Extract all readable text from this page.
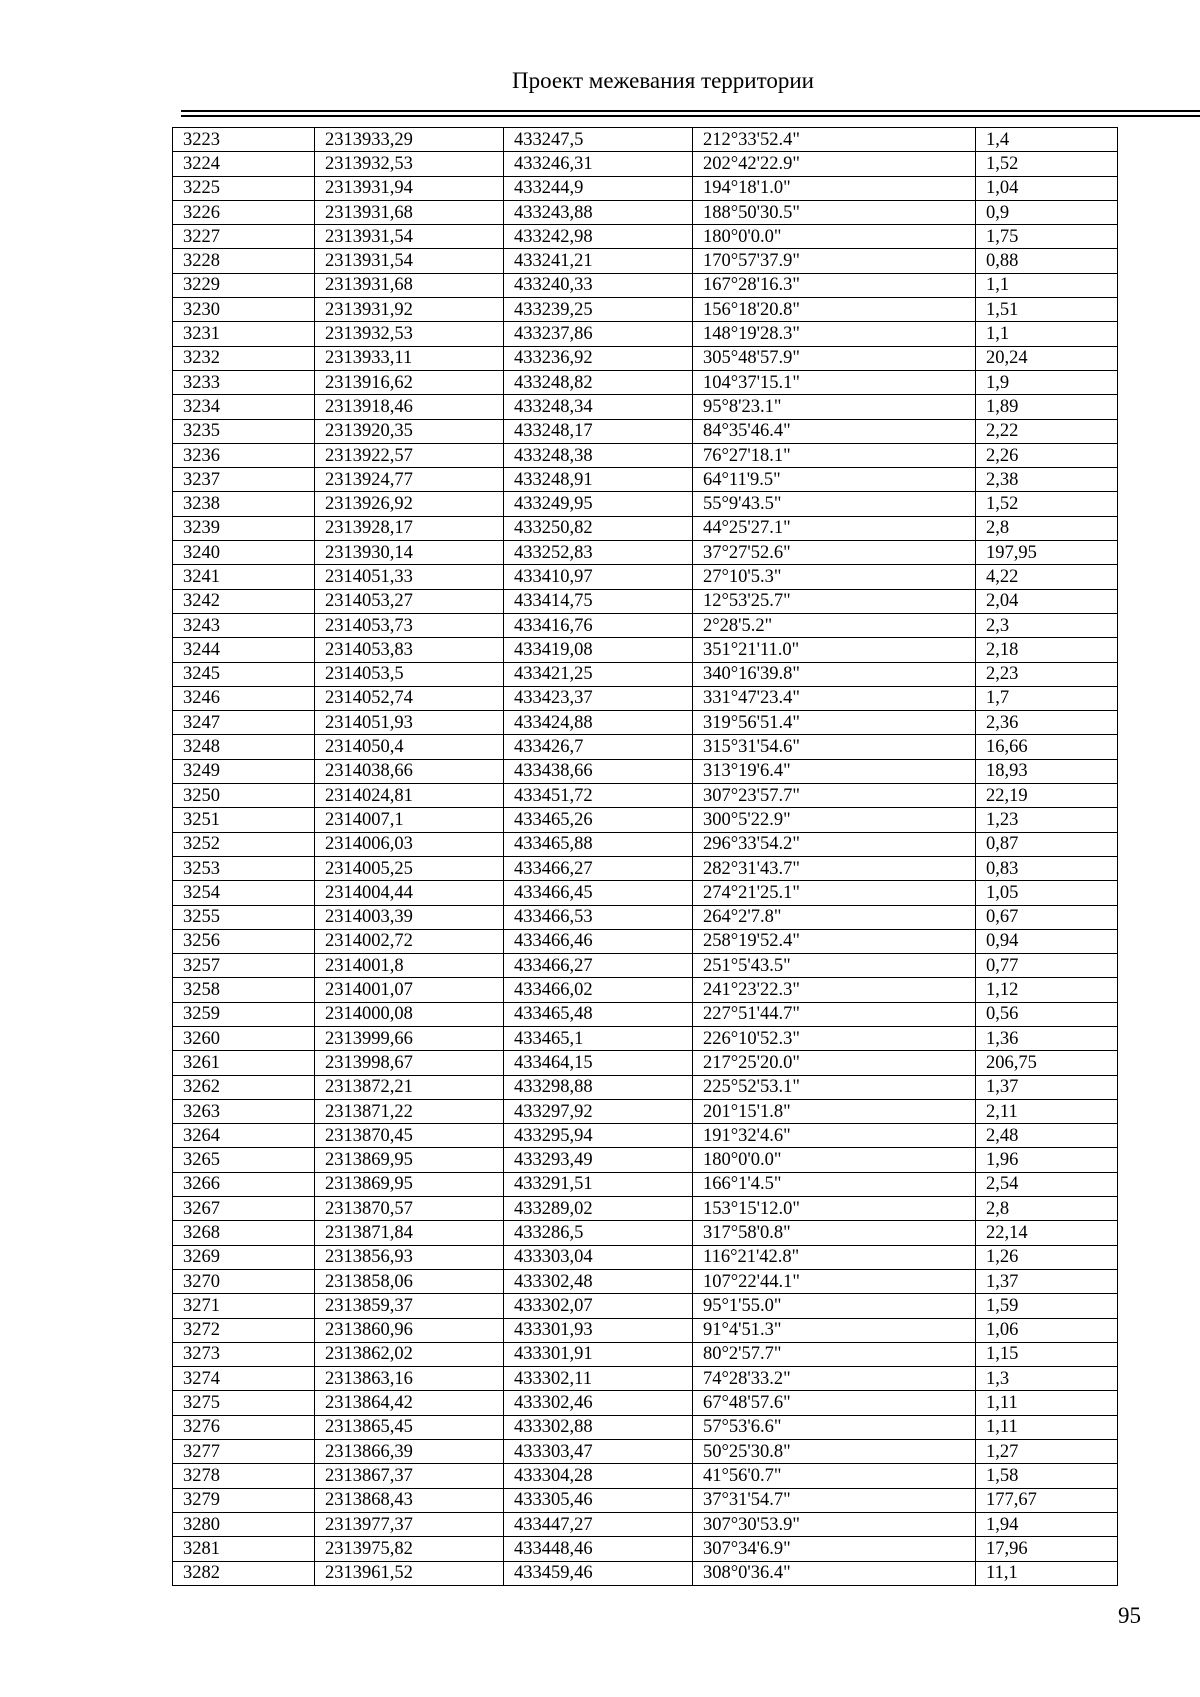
Проект межевания территории
3223	2313933,29	433247,5	212°33'52.4"	1,4
3224	2313932,53	433246,31	202°42'22.9"	1,52
3225	2313931,94	433244,9	194°18'1.0"	1,04
3226	2313931,68	433243,88	188°50'30.5"	0,9
3227	2313931,54	433242,98	180°0'0.0"	1,75
3228	2313931,54	433241,21	170°57'37.9"	0,88
3229	2313931,68	433240,33	167°28'16.3"	1,1
3230	2313931,92	433239,25	156°18'20.8"	1,51
3231	2313932,53	433237,86	148°19'28.3"	1,1
3232	2313933,11	433236,92	305°48'57.9"	20,24
3233	2313916,62	433248,82	104°37'15.1"	1,9
3234	2313918,46	433248,34	95°8'23.1"	1,89
3235	2313920,35	433248,17	84°35'46.4"	2,22
3236	2313922,57	433248,38	76°27'18.1"	2,26
3237	2313924,77	433248,91	64°11'9.5"	2,38
3238	2313926,92	433249,95	55°9'43.5"	1,52
3239	2313928,17	433250,82	44°25'27.1"	2,8
3240	2313930,14	433252,83	37°27'52.6"	197,95
3241	2314051,33	433410,97	27°10'5.3"	4,22
3242	2314053,27	433414,75	12°53'25.7"	2,04
3243	2314053,73	433416,76	2°28'5.2"	2,3
3244	2314053,83	433419,08	351°21'11.0"	2,18
3245	2314053,5	433421,25	340°16'39.8"	2,23
3246	2314052,74	433423,37	331°47'23.4"	1,7
3247	2314051,93	433424,88	319°56'51.4"	2,36
3248	2314050,4	433426,7	315°31'54.6"	16,66
3249	2314038,66	433438,66	313°19'6.4"	18,93
3250	2314024,81	433451,72	307°23'57.7"	22,19
3251	2314007,1	433465,26	300°5'22.9"	1,23
3252	2314006,03	433465,88	296°33'54.2"	0,87
3253	2314005,25	433466,27	282°31'43.7"	0,83
3254	2314004,44	433466,45	274°21'25.1"	1,05
3255	2314003,39	433466,53	264°2'7.8"	0,67
3256	2314002,72	433466,46	258°19'52.4"	0,94
3257	2314001,8	433466,27	251°5'43.5"	0,77
3258	2314001,07	433466,02	241°23'22.3"	1,12
3259	2314000,08	433465,48	227°51'44.7"	0,56
3260	2313999,66	433465,1	226°10'52.3"	1,36
3261	2313998,67	433464,15	217°25'20.0"	206,75
3262	2313872,21	433298,88	225°52'53.1"	1,37
3263	2313871,22	433297,92	201°15'1.8"	2,11
3264	2313870,45	433295,94	191°32'4.6"	2,48
3265	2313869,95	433293,49	180°0'0.0"	1,96
3266	2313869,95	433291,51	166°1'4.5"	2,54
3267	2313870,57	433289,02	153°15'12.0"	2,8
3268	2313871,84	433286,5	317°58'0.8"	22,14
3269	2313856,93	433303,04	116°21'42.8"	1,26
3270	2313858,06	433302,48	107°22'44.1"	1,37
3271	2313859,37	433302,07	95°1'55.0"	1,59
3272	2313860,96	433301,93	91°4'51.3"	1,06
3273	2313862,02	433301,91	80°2'57.7"	1,15
3274	2313863,16	433302,11	74°28'33.2"	1,3
3275	2313864,42	433302,46	67°48'57.6"	1,11
3276	2313865,45	433302,88	57°53'6.6"	1,11
3277	2313866,39	433303,47	50°25'30.8"	1,27
3278	2313867,37	433304,28	41°56'0.7"	1,58
3279	2313868,43	433305,46	37°31'54.7"	177,67
3280	2313977,37	433447,27	307°30'53.9"	1,94
3281	2313975,82	433448,46	307°34'6.9"	17,96
3282	2313961,52	433459,46	308°0'36.4"	11,1
95
